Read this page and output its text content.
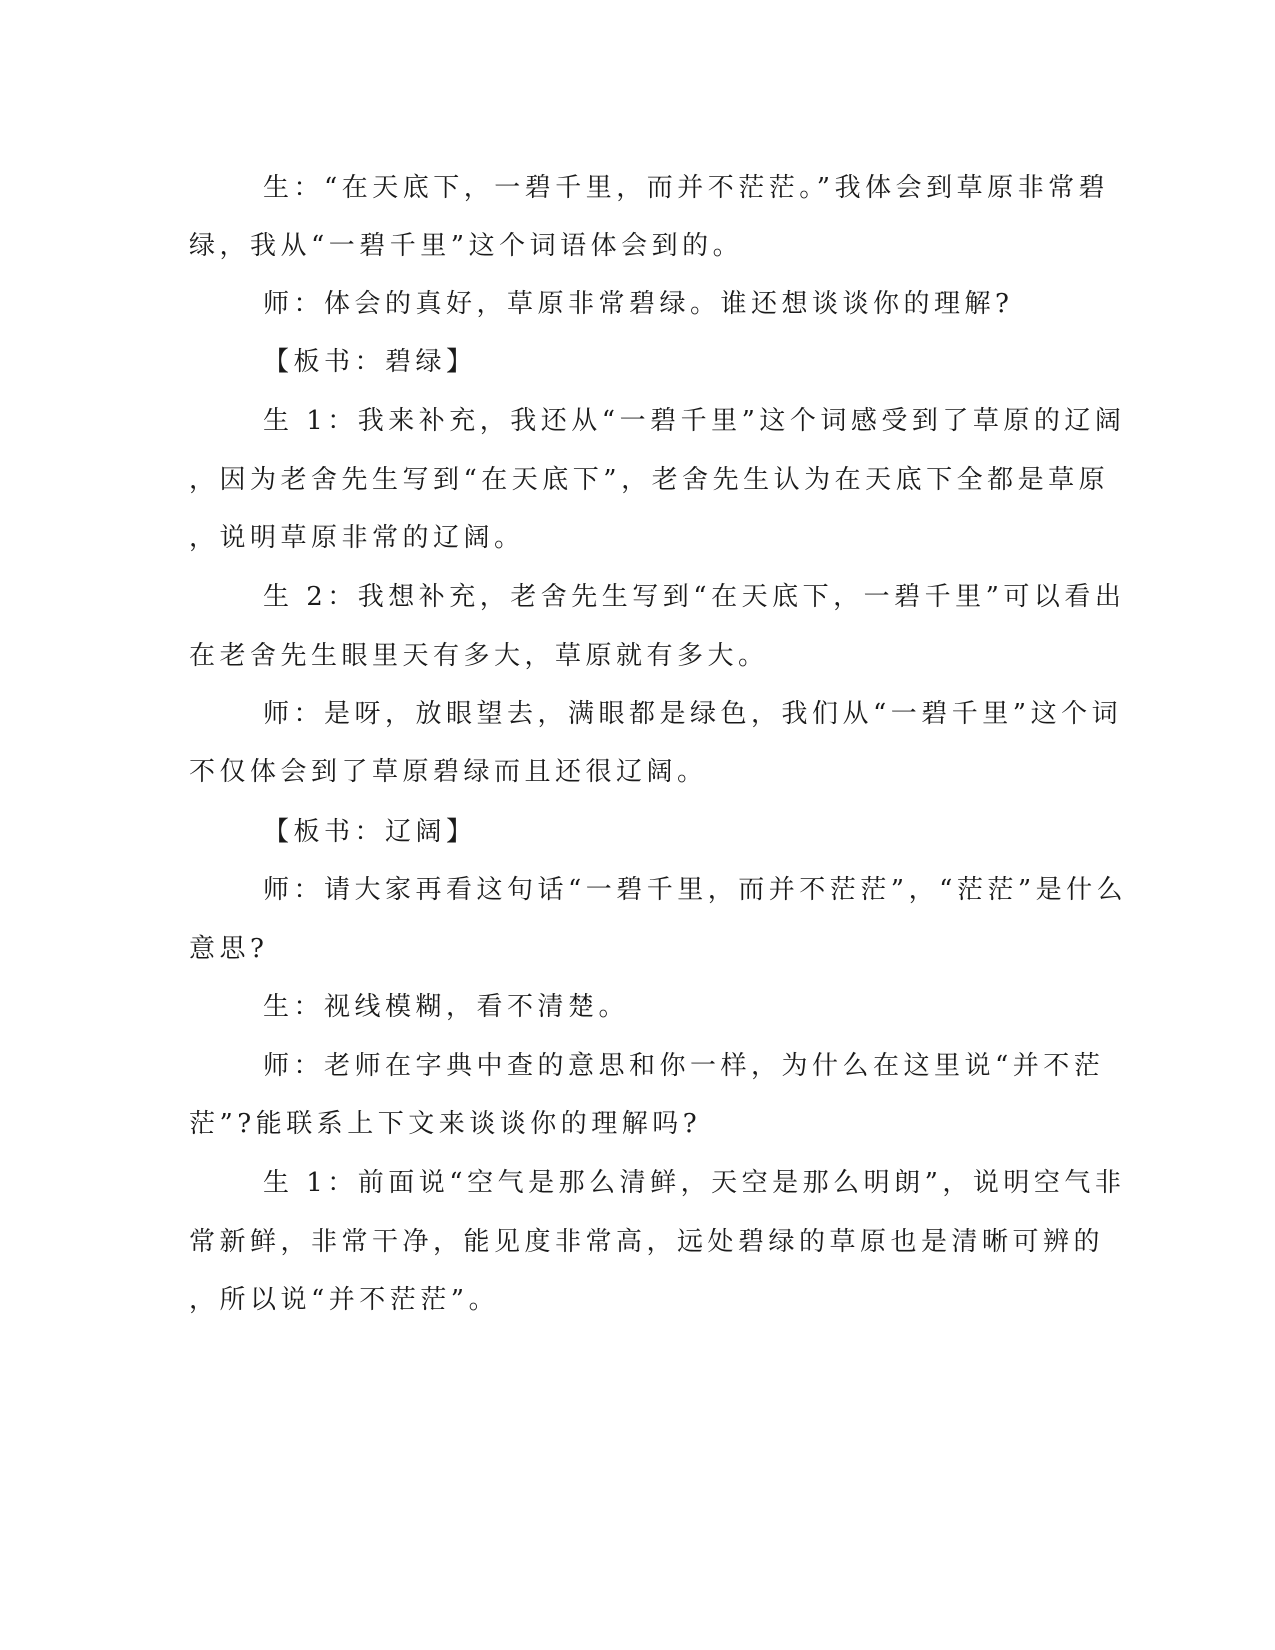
生：“在天底下，一碧千里，而并不茫茫。”我体会到草原非常碧
绿，我从“一碧千里”这个词语体会到的。
师：体会的真好，草原非常碧绿。谁还想谈谈你的理解?
【板书：碧绿】
生 1：我来补充，我还从“一碧千里”这个词感受到了草原的辽阔
，因为老舍先生写到“在天底下”，老舍先生认为在天底下全都是草原
，说明草原非常的辽阔。
生 2：我想补充，老舍先生写到“在天底下，一碧千里”可以看出
在老舍先生眼里天有多大，草原就有多大。
师：是呀，放眼望去，满眼都是绿色，我们从“一碧千里”这个词
不仅体会到了草原碧绿而且还很辽阔。
【板书：辽阔】
师：请大家再看这句话“一碧千里，而并不茫茫”，“茫茫”是什么
意思?
生：视线模糊，看不清楚。
师：老师在字典中查的意思和你一样，为什么在这里说“并不茫
茫”?能联系上下文来谈谈你的理解吗?
生 1：前面说“空气是那么清鲜，天空是那么明朗”，说明空气非
常新鲜，非常干净，能见度非常高，远处碧绿的草原也是清晰可辨的
，所以说“并不茫茫”。
